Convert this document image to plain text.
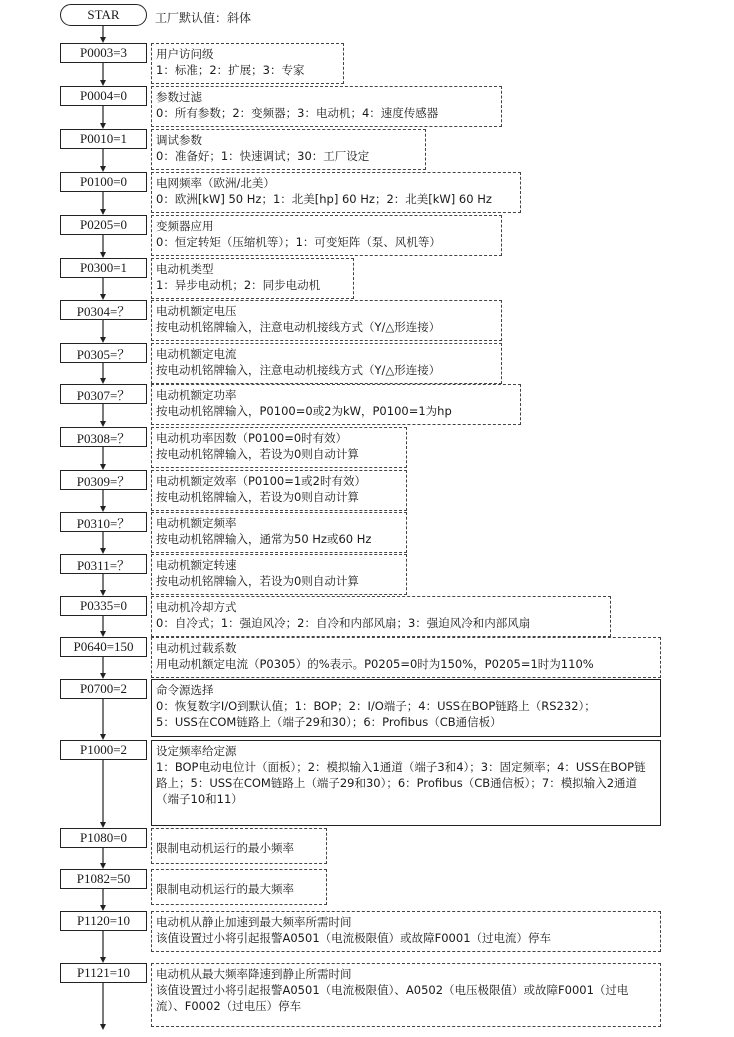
STAR	工厂默认值：斜体
P0003=3	用户访问级
1：标准；2：扩展；3：专家
P0004=0	参数过滤
0：所有参数；2：变频器；3：电动机；4：速度传感器
P0010=1	调试参数
0：准备好；1：快速调试；30：工厂设定
P0100=0	电网频率（欧洲/北美）
0：欧洲[kW] 50 Hz；1：北美[hp] 60 Hz；2：北美[kW] 60 Hz
P0205=0	变频器应用
0：恒定转矩（压缩机等）；1：可变矩阵（泵、风机等）
P0300=1	电动机类型
1：异步电动机；2：同步电动机
P0304=？	电动机额定电压
按电动机铭牌输入，注意电动机接线方式（Y/△形连接）
P0305=？	电动机额定电流
按电动机铭牌输入，注意电动机接线方式（Y/△形连接）
P0307=？	电动机额定功率
按电动机铭牌输入，P0100=0或2为kW，P0100=1为hp
P0308=？	电动机功率因数（P0100=0时有效）
按电动机铭牌输入，若设为0则自动计算
P0309=？	电动机额定效率（P0100=1或2时有效）
按电动机铭牌输入，若设为0则自动计算
P0310=？	电动机额定频率
按电动机铭牌输入，通常为50 Hz或60 Hz
P0311=？	电动机额定转速
按电动机铭牌输入，若设为0则自动计算
P0335=0	电动机冷却方式
0：自冷式；1：强迫风冷；2：自冷和内部风扇；3：强迫风冷和内部风扇
P0640=150	电动机过载系数
用电动机额定电流（P0305）的%表示。P0205=0时为150%，P0205=1时为110%
P0700=2	命令源选择
0：恢复数字I/O到默认值；1：BOP；2：I/O端子；4：USS在BOP链路上（RS232）；
5：USS在COM链路上（端子29和30）；6：Profibus（CB通信板）
P1000=2	设定频率给定源
1：BOP电动电位计（面板）；2：模拟输入1通道（端子3和4）；3：固定频率；4：USS在BOP链路上；5：USS在COM链路上（端子29和30）；6：Profibus（CB通信板）；7：模拟输入2通道（端子10和11）
P1080=0
限制电动机运行的最小频率
P1082=50
限制电动机运行的最大频率
P1120=10	电动机从静止加速到最大频率所需时间
该值设置过小将引起报警A0501（电流极限值）或故障F0001（过电流）停车
P1121=10	电动机从最大频率降速到静止所需时间
该值设置过小将引起报警A0501（电流极限值）、A0502（电压极限值）或故障F0001（过电流）、F0002（过电压）停车
